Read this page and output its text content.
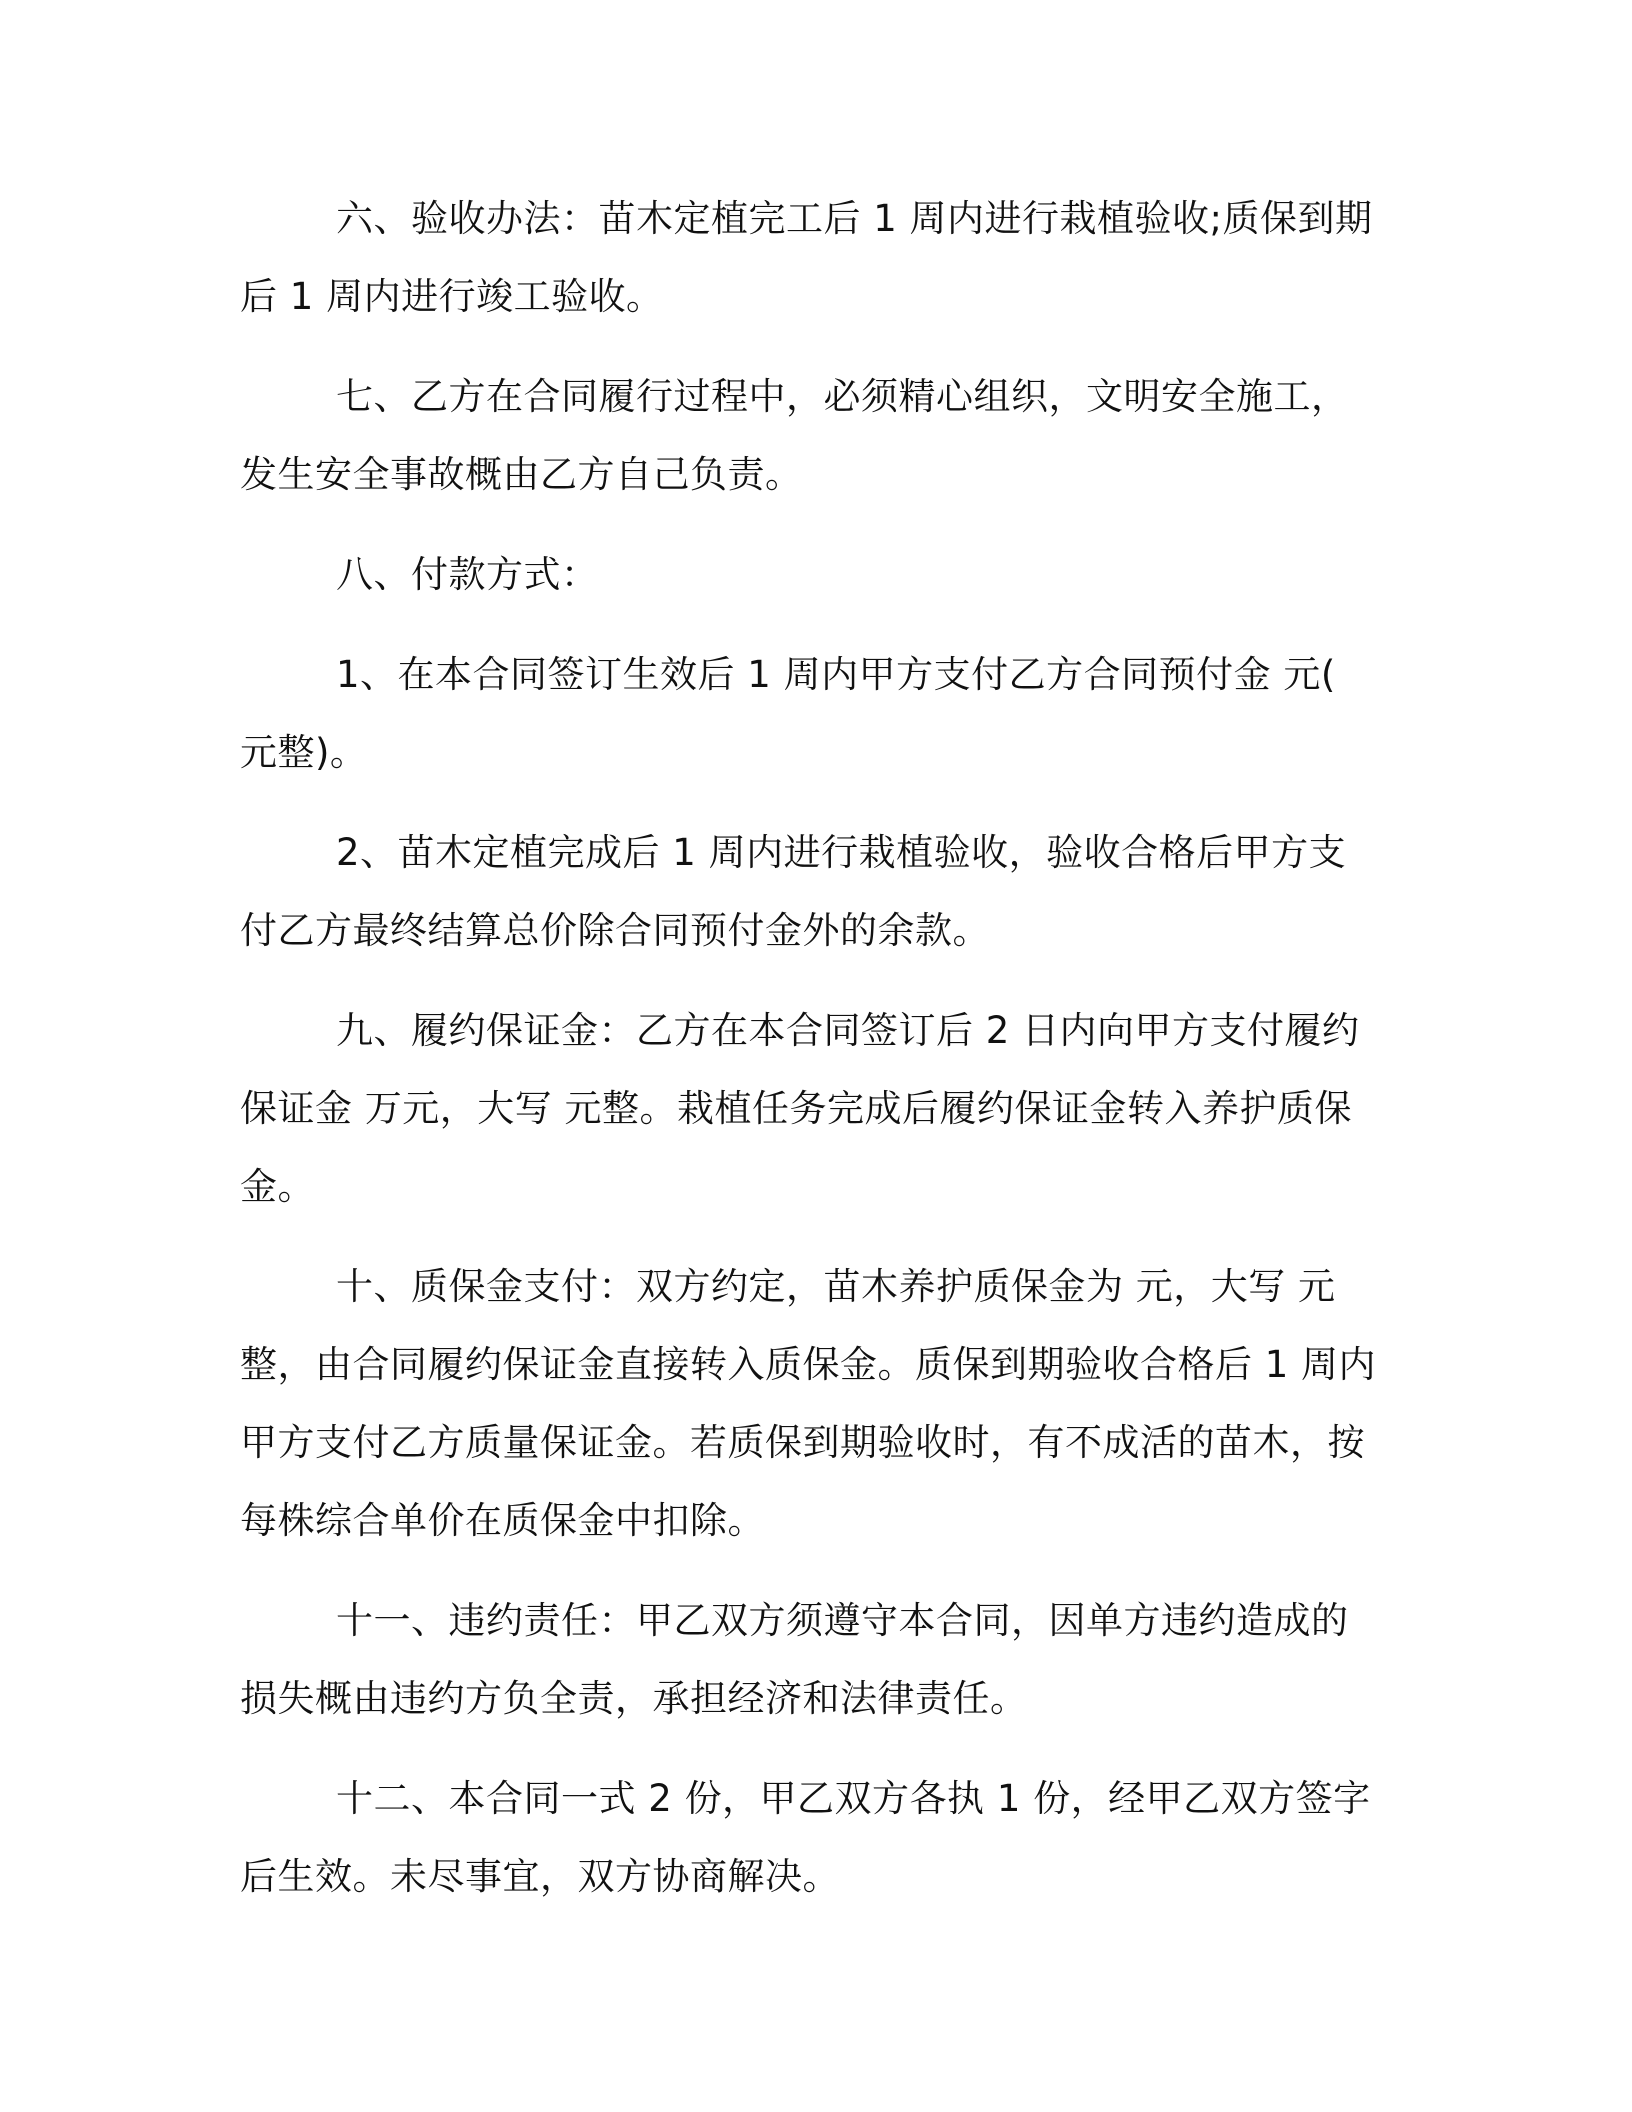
六、验收办法：苗木定植完工后 1 周内进行栽植验收;质保到期后 1 周内进行竣工验收。

七、乙方在合同履行过程中，必须精心组织，文明安全施工，发生安全事故概由乙方自己负责。

八、付款方式：

1、在本合同签订生效后 1 周内甲方支付乙方合同预付金 元( 元整)。

2、苗木定植完成后 1 周内进行栽植验收，验收合格后甲方支付乙方最终结算总价除合同预付金外的余款。

九、履约保证金：乙方在本合同签订后 2 日内向甲方支付履约保证金 万元，大写 元整。栽植任务完成后履约保证金转入养护质保金。

十、质保金支付：双方约定，苗木养护质保金为 元，大写 元整，由合同履约保证金直接转入质保金。质保到期验收合格后 1 周内甲方支付乙方质量保证金。若质保到期验收时，有不成活的苗木，按每株综合单价在质保金中扣除。

十一、违约责任：甲乙双方须遵守本合同，因单方违约造成的损失概由违约方负全责，承担经济和法律责任。

十二、本合同一式 2 份，甲乙双方各执 1 份，经甲乙双方签字后生效。未尽事宜，双方协商解决。
